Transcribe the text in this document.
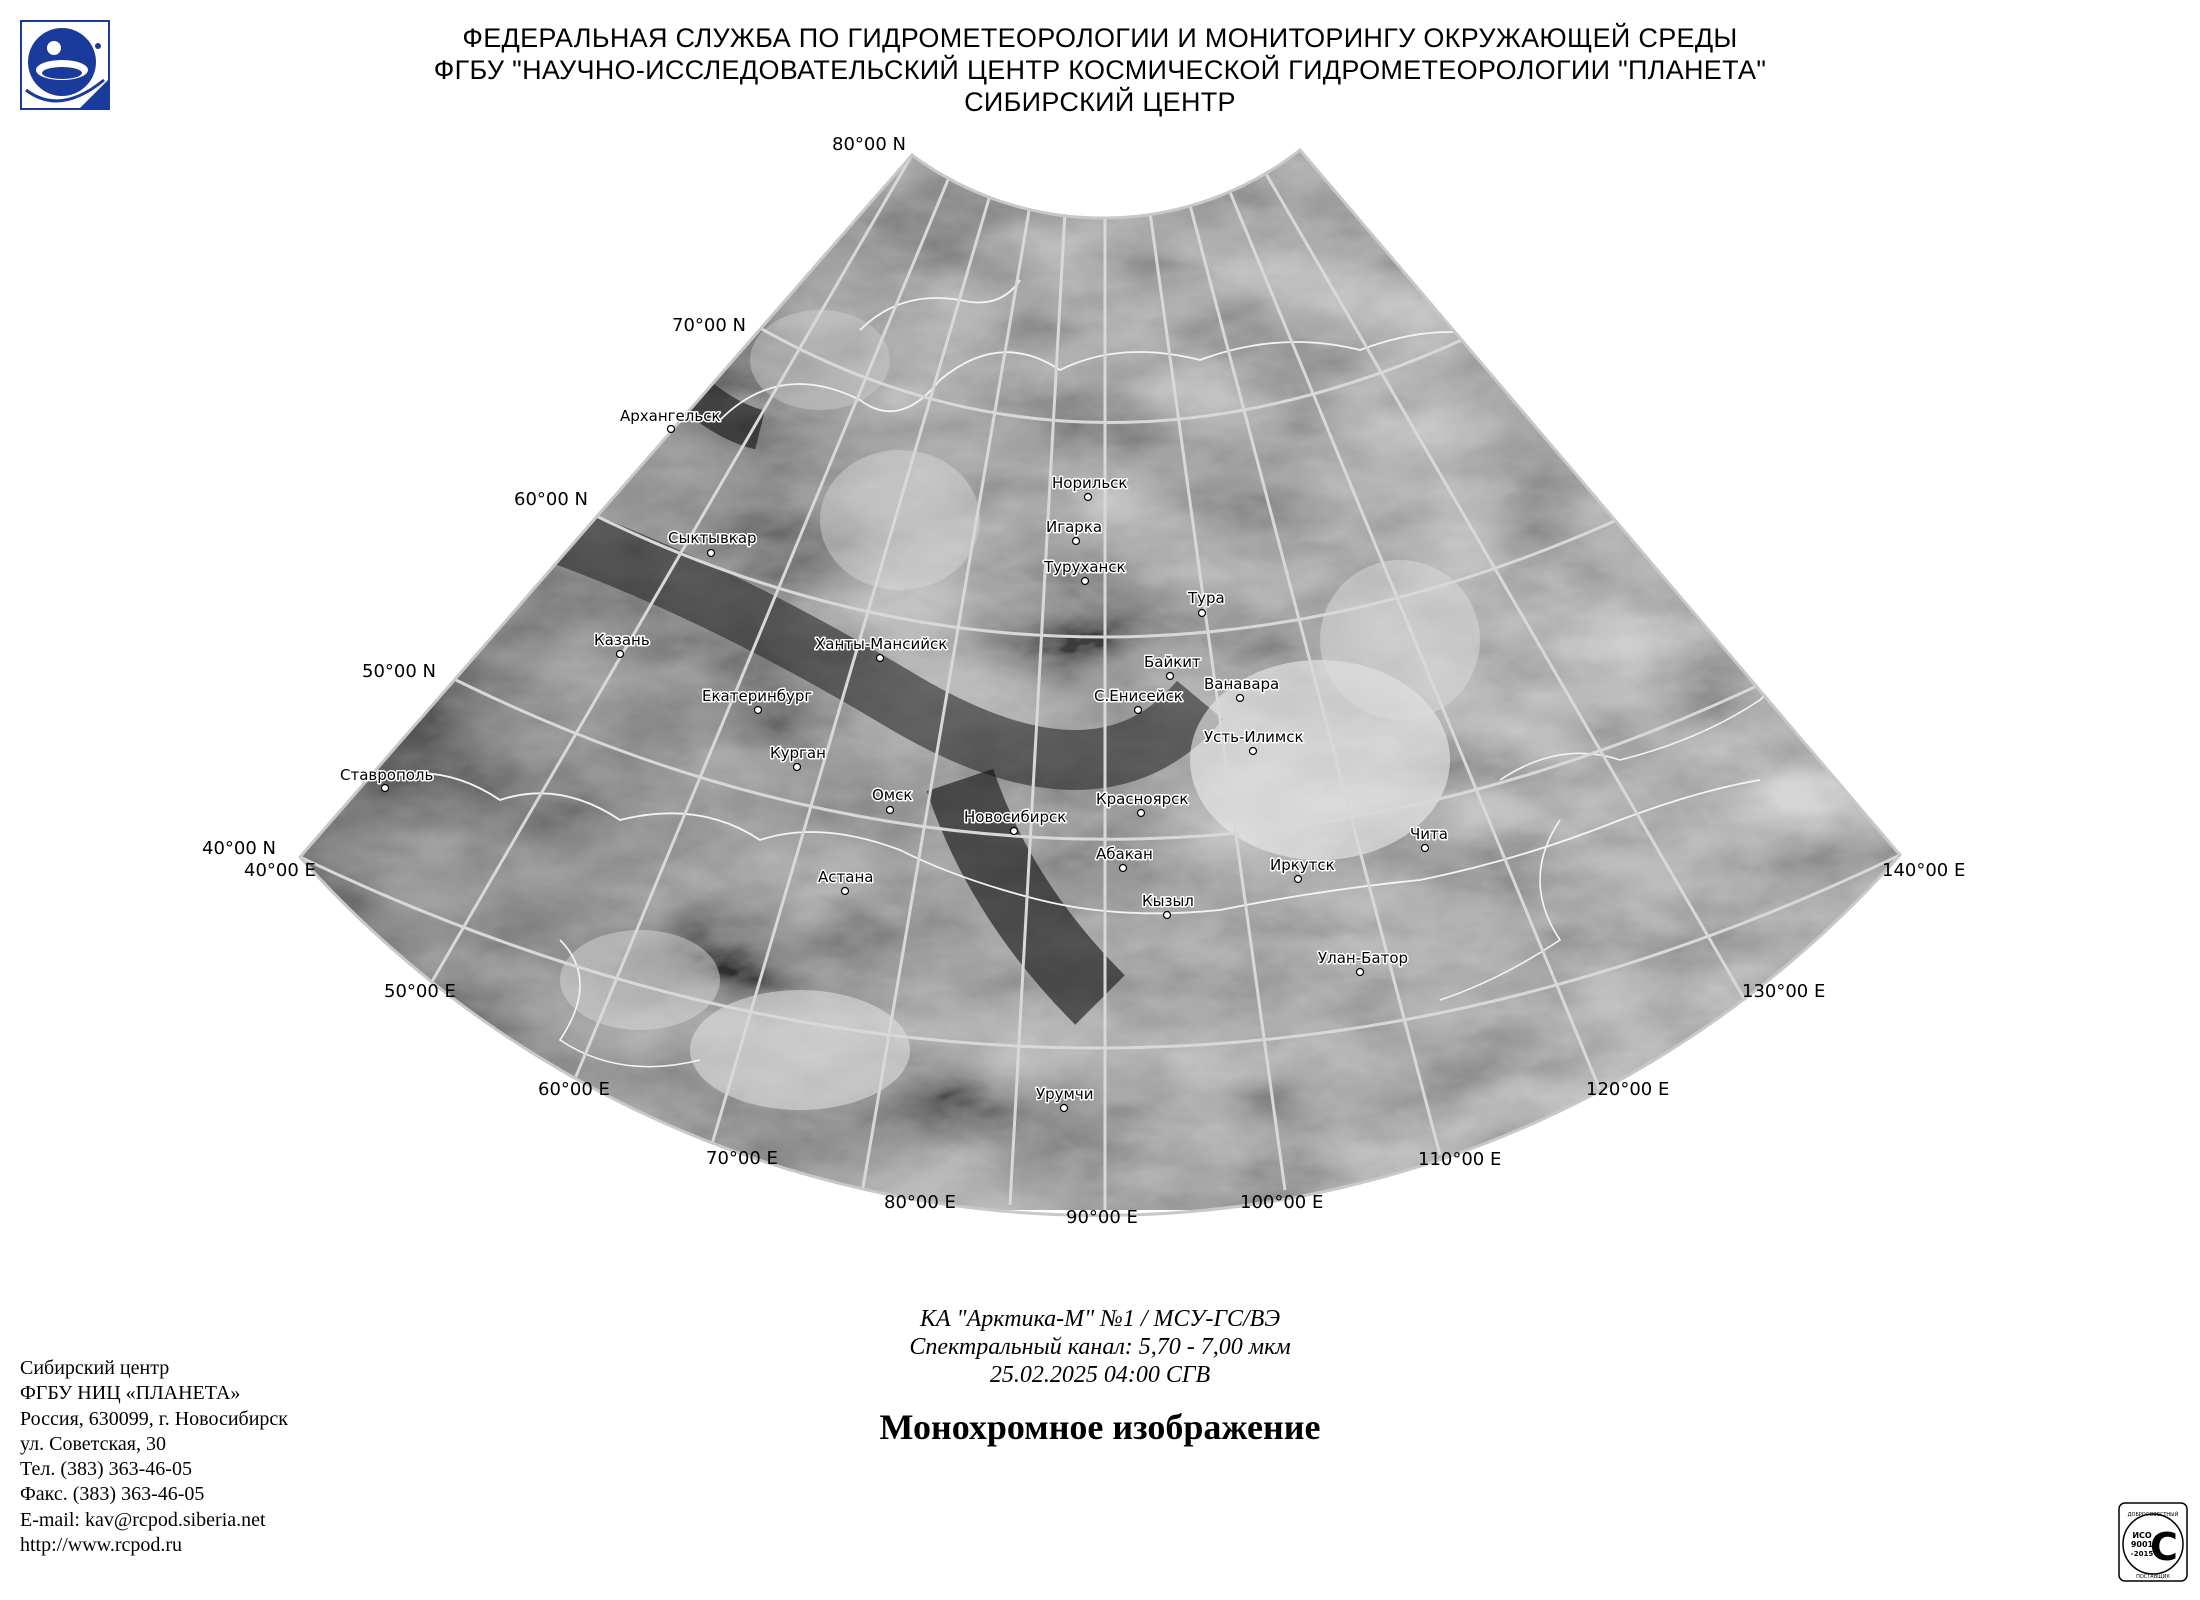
ФЕДЕРАЛЬНАЯ СЛУЖБА ПО ГИДРОМЕТЕОРОЛОГИИ И МОНИТОРИНГУ ОКРУЖАЮЩЕЙ СРЕДЫ
ФГБУ "НАУЧНО-ИССЛЕДОВАТЕЛЬСКИЙ ЦЕНТР КОСМИЧЕСКОЙ ГИДРОМЕТЕОРОЛОГИИ "ПЛАНЕТА"
СИБИРСКИЙ ЦЕНТР
80°00 N
70°00 N
60°00 N
50°00 N
40°00 N
40°00 E
50°00 E
60°00 E
70°00 E
80°00 E
90°00 E
100°00 E
110°00 E
120°00 E
130°00 E
140°00 E
Архангельск
Норильск
Игарка
Сыктывкар
Туруханск
Тура
Казань	Ханты-Мансийск
Байкит
Ванавара
Екатеринбург	С.Енисейск
Усть-Илимск
Ставрополь
Курган
Омск	Красноярск
Новосибирск
Чита
Абакан
Иркутск
Астана
Кызыл
Улан-Батор
Урумчи
КА "Арктика-М" №1 / МСУ-ГС/ВЭ
Спектральный канал: 5,70 - 7,00 мкм
25.02.2025 04:00 СГВ
Монохромное изображение
Сибирский центр
ФГБУ НИЦ «ПЛАНЕТА»
Россия, 630099, г. Новосибирск
ул. Советская, 30
Тел. (383) 363-46-05
Факс. (383) 363-46-05
E-mail: kav@rcpod.siberia.net
http://www.rcpod.ru
ДОБРОСОВЕСТНЫЙ
С
ИСО
9001
-2015
ПОСТАВЩИК
